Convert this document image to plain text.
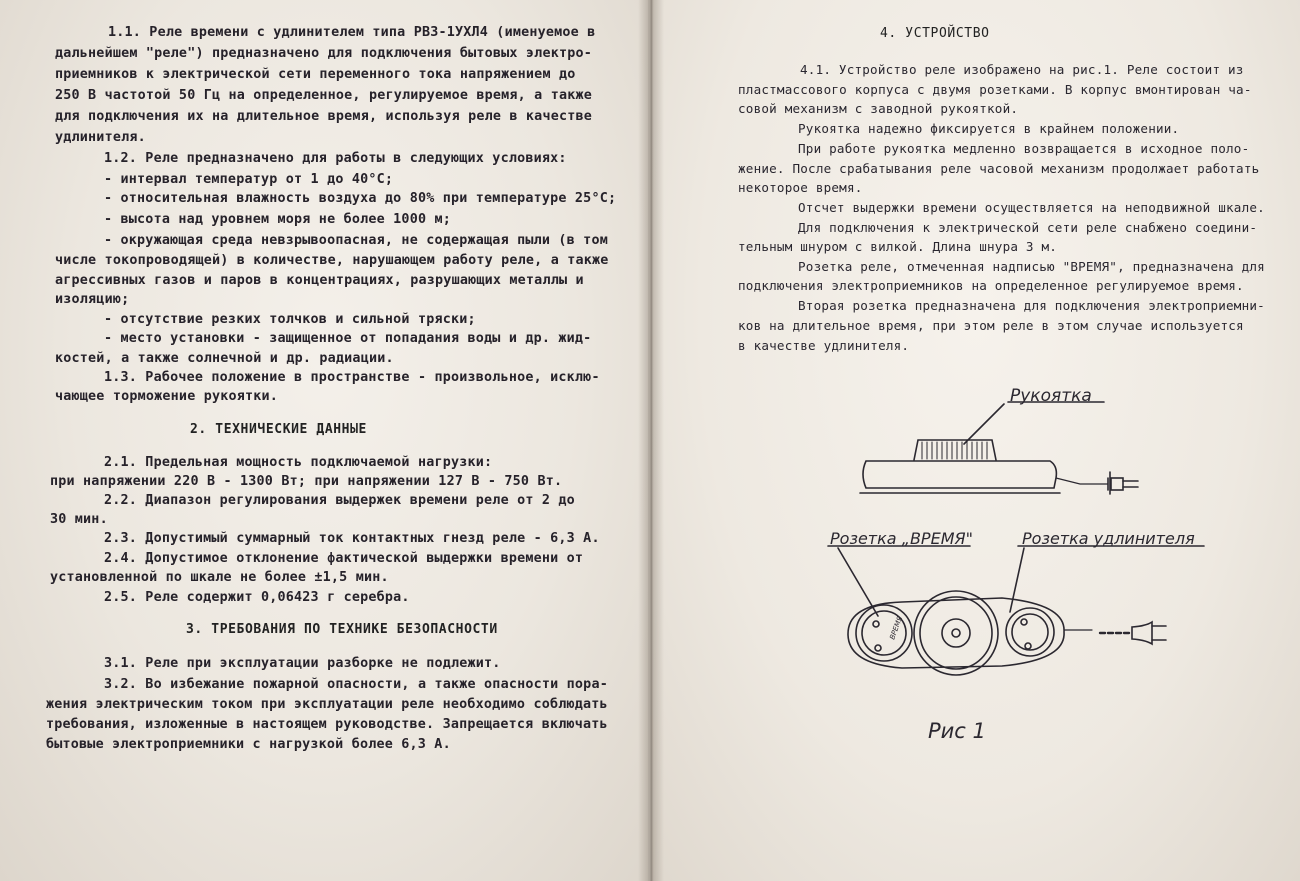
1.1. Реле времени с удлинителем типа РВЗ-1УХЛ4 (именуемое в
дальнейшем "реле") предназначено для подключения бытовых электро-
приемников к электрической сети переменного тока напряжением до
250 В частотой 50 Гц на определенное, регулируемое время, а также
для подключения их на длительное время, используя реле в качестве
удлинителя.
1.2. Реле предназначено для работы в следующих условиях:
- интервал температур от 1 до 40°С;
- относительная влажность воздуха до 80% при температуре 25°С;
- высота над уровнем моря не более 1000 м;
- окружающая среда невзрывоопасная, не содержащая пыли (в том
числе токопроводящей) в количестве, нарушающем работу реле, а также
агрессивных газов и паров в концентрациях, разрушающих металлы и
изоляцию;
- отсутствие резких толчков и сильной тряски;
- место установки - защищенное от попадания воды и др. жид-
костей, а также солнечной и др. радиации.
1.3. Рабочее положение в пространстве - произвольное, исклю-
чающее торможение рукоятки.
2. ТЕХНИЧЕСКИЕ ДАННЫЕ
2.1. Предельная мощность подключаемой нагрузки:
при напряжении 220 В - 1300 Вт; при напряжении 127 В - 750 Вт.
2.2. Диапазон регулирования выдержек времени реле от 2 до
30 мин.
2.3. Допустимый суммарный ток контактных гнезд реле - 6,3 А.
2.4. Допустимое отклонение фактической выдержки времени от
установленной по шкале не более ±1,5 мин.
2.5. Реле содержит 0,06423 г серебра.
3. ТРЕБОВАНИЯ ПО ТЕХНИКЕ БЕЗОПАСНОСТИ
3.1. Реле при эксплуатации разборке не подлежит.
3.2. Во избежание пожарной опасности, а также опасности пора-
жения электрическим током при эксплуатации реле необходимо соблюдать
требования, изложенные в настоящем руководстве. Запрещается включать
бытовые электроприемники с нагрузкой более 6,3 А.
4. УСТРОЙСТВО
4.1. Устройство реле изображено на рис.1. Реле состоит из
пластмассового корпуса с двумя розетками. В корпус вмонтирован ча-
совой механизм с заводной рукояткой.
Рукоятка надежно фиксируется в крайнем положении.
При работе рукоятка медленно возвращается в исходное поло-
жение. После срабатывания реле часовой механизм продолжает работать
некоторое время.
Отсчет выдержки времени осуществляется на неподвижной шкале.
Для подключения к электрической сети реле снабжено соедини-
тельным шнуром с вилкой. Длина шнура 3 м.
Розетка реле, отмеченная надписью "ВРЕМЯ", предназначена для
подключения электроприемников на определенное регулируемое время.
Вторая розетка предназначена для подключения электроприемни-
ков на длительное время, при этом реле в этом случае используется
в качестве удлинителя.
Рукоятка
Розетка „ВРЕМЯ"	Розетка удлинителя
ВРЕМЯ
Рис 1
